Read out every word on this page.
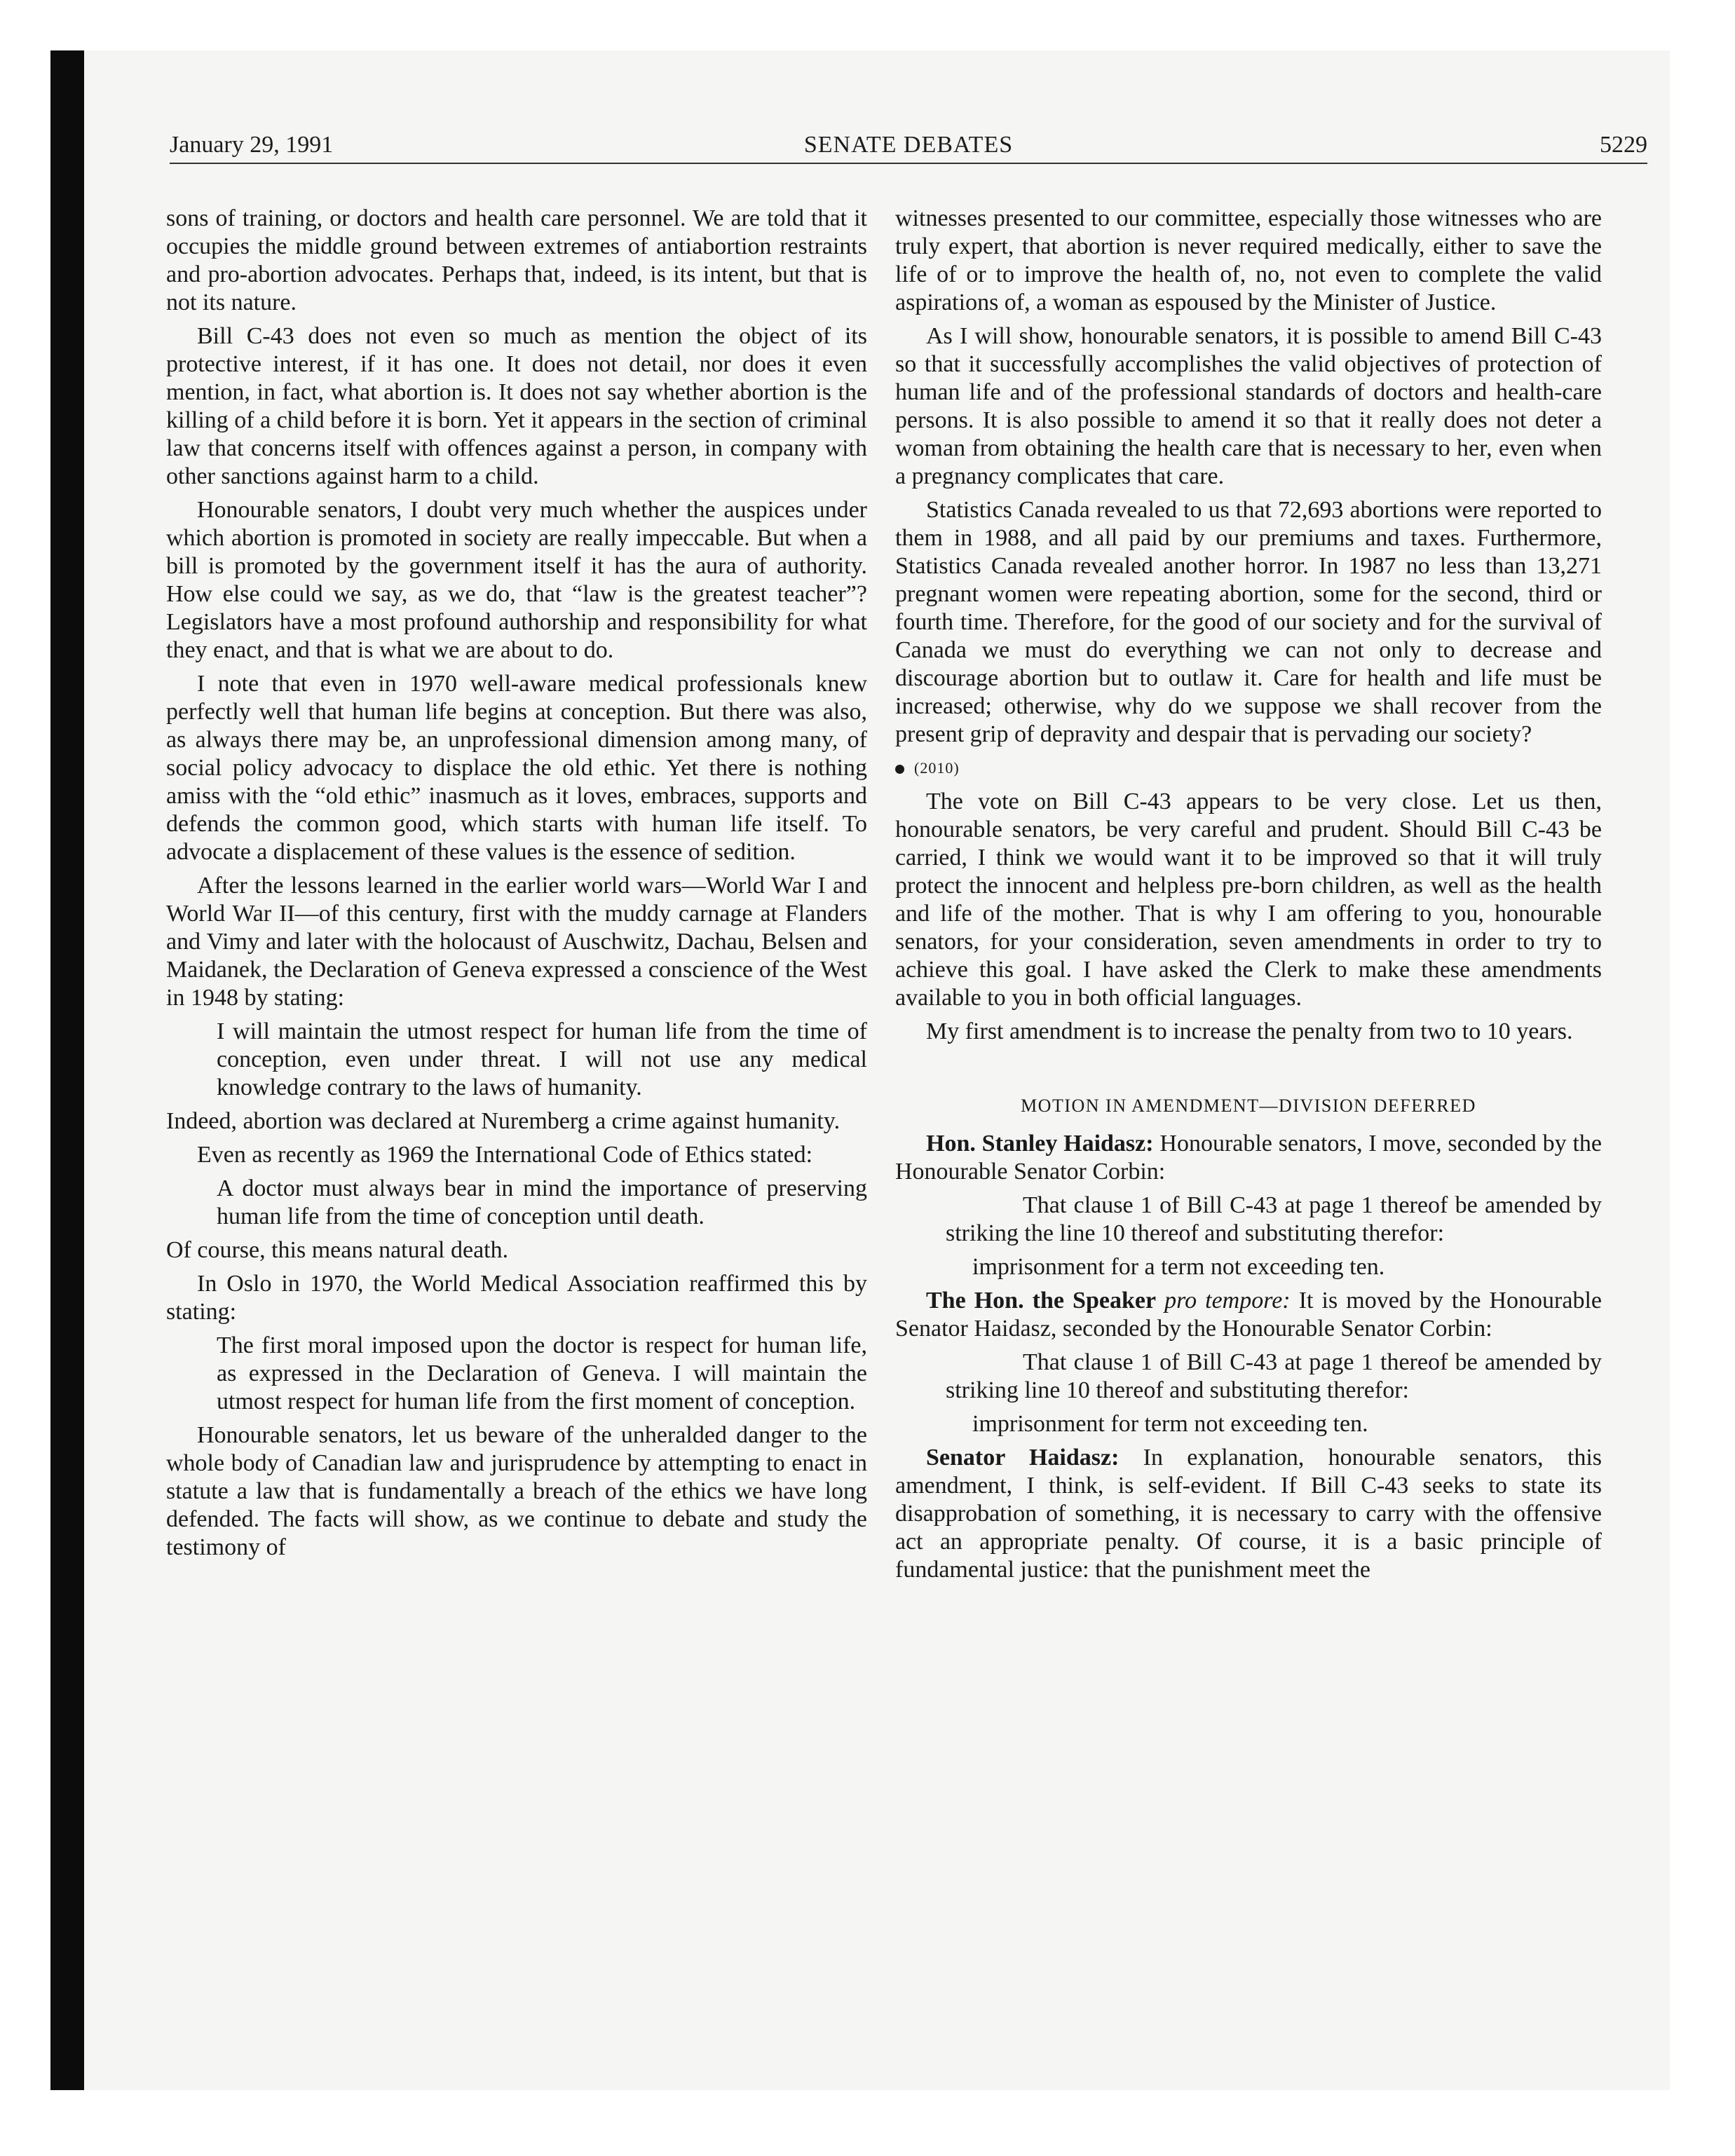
January 29, 1991	SENATE DEBATES	5229

sons of training, or doctors and health care personnel. We are told that it occupies the middle ground between extremes of antiabortion restraints and pro-abortion advocates. Perhaps that, indeed, is its intent, but that is not its nature.

Bill C-43 does not even so much as mention the object of its protective interest, if it has one. It does not detail, nor does it even mention, in fact, what abortion is. It does not say whether abortion is the killing of a child before it is born. Yet it appears in the section of criminal law that concerns itself with offences against a person, in company with other sanctions against harm to a child.

Honourable senators, I doubt very much whether the auspices under which abortion is promoted in society are really impeccable. But when a bill is promoted by the government itself it has the aura of authority. How else could we say, as we do, that “law is the greatest teacher”? Legislators have a most profound authorship and responsibility for what they enact, and that is what we are about to do.

I note that even in 1970 well-aware medical professionals knew perfectly well that human life begins at conception. But there was also, as always there may be, an unprofessional dimension among many, of social policy advocacy to displace the old ethic. Yet there is nothing amiss with the “old ethic” inasmuch as it loves, embraces, supports and defends the common good, which starts with human life itself. To advocate a displacement of these values is the essence of sedition.

After the lessons learned in the earlier world wars—World War I and World War II—of this century, first with the muddy carnage at Flanders and Vimy and later with the holocaust of Auschwitz, Dachau, Belsen and Maidanek, the Declaration of Geneva expressed a conscience of the West in 1948 by stating:

I will maintain the utmost respect for human life from the time of conception, even under threat. I will not use any medical knowledge contrary to the laws of humanity.

Indeed, abortion was declared at Nuremberg a crime against humanity.

Even as recently as 1969 the International Code of Ethics stated:

A doctor must always bear in mind the importance of preserving human life from the time of conception until death.

Of course, this means natural death.

In Oslo in 1970, the World Medical Association reaffirmed this by stating:

The first moral imposed upon the doctor is respect for human life, as expressed in the Declaration of Geneva. I will maintain the utmost respect for human life from the first moment of conception.

Honourable senators, let us beware of the unheralded danger to the whole body of Canadian law and jurisprudence by attempting to enact in statute a law that is fundamentally a breach of the ethics we have long defended. The facts will show, as we continue to debate and study the testimony of

witnesses presented to our committee, especially those witnesses who are truly expert, that abortion is never required medically, either to save the life of or to improve the health of, no, not even to complete the valid aspirations of, a woman as espoused by the Minister of Justice.

As I will show, honourable senators, it is possible to amend Bill C-43 so that it successfully accomplishes the valid objectives of protection of human life and of the professional standards of doctors and health-care persons. It is also possible to amend it so that it really does not deter a woman from obtaining the health care that is necessary to her, even when a pregnancy complicates that care.

Statistics Canada revealed to us that 72,693 abortions were reported to them in 1988, and all paid by our premiums and taxes. Furthermore, Statistics Canada revealed another horror. In 1987 no less than 13,271 pregnant women were repeating abortion, some for the second, third or fourth time. Therefore, for the good of our society and for the survival of Canada we must do everything we can not only to decrease and discourage abortion but to outlaw it. Care for health and life must be increased; otherwise, why do we suppose we shall recover from the present grip of depravity and despair that is pervading our society?

(2010)

The vote on Bill C-43 appears to be very close. Let us then, honourable senators, be very careful and prudent. Should Bill C-43 be carried, I think we would want it to be improved so that it will truly protect the innocent and helpless pre-born children, as well as the health and life of the mother. That is why I am offering to you, honourable senators, for your consideration, seven amendments in order to try to achieve this goal. I have asked the Clerk to make these amendments available to you in both official languages.

My first amendment is to increase the penalty from two to 10 years.

MOTION IN AMENDMENT—DIVISION DEFERRED

Hon. Stanley Haidasz: Honourable senators, I move, seconded by the Honourable Senator Corbin:

That clause 1 of Bill C-43 at page 1 thereof be amended by striking the line 10 thereof and substituting therefor:

imprisonment for a term not exceeding ten.

The Hon. the Speaker pro tempore: It is moved by the Honourable Senator Haidasz, seconded by the Honourable Senator Corbin:

That clause 1 of Bill C-43 at page 1 thereof be amended by striking line 10 thereof and substituting therefor:

imprisonment for term not exceeding ten.

Senator Haidasz: In explanation, honourable senators, this amendment, I think, is self-evident. If Bill C-43 seeks to state its disapprobation of something, it is necessary to carry with the offensive act an appropriate penalty. Of course, it is a basic principle of fundamental justice: that the punishment meet the
